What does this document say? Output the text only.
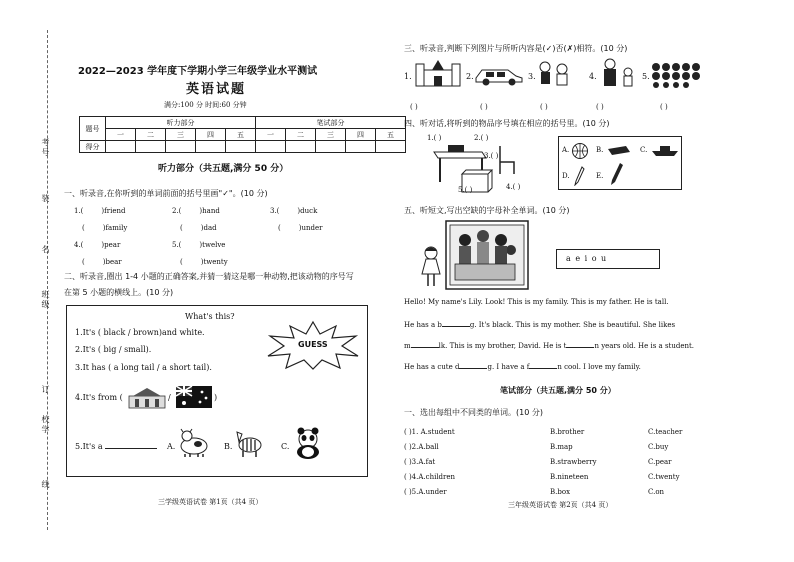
考
号
装
名
班
级
订
校
学
线
2022—2023 学年度下学期小学三年级学业水平测试
英语试题
满分:100 分 时间:60 分钟
题号	听力部分					笔试部分				
	一	二	三	四	五	一	二	三	四	五
得分										
听力部分（共五题,满分 50 分）
一、听录音,在你听到的单词前面的括号里画"✓"。(10 分)
1.(	)friend	2.(	)hand	3.(	)duck
(	)family	(	)dad	(	)under
4.(	)pear	5.(	)twelve
(	)bear	(	)twenty
二、听录音,圈出 1-4 小题的正确答案,并猜一猜这是哪一种动物,把该动物的序号写
在第 5 小题的横线上。(10 分)
What's this?
1.It's ( black / brown)and white.
2.It's ( big / small).
3.It has ( a long tail / a short tail).
GUESS
4.It's from (	/	)
5.It's a	A.	B.	C.
三学级英语试卷 第1页（共4 页）
三、听录音,判断下列图片与所听内容是(✓)否(✗)相符。(10 分)
1.	2.	3.	4.	5.
( )	( )	( )	( )	( )
四、听对话,将听到的物品序号填在相应的括号里。(10 分)
1.( )	2.( )
3.( )
5.( )	4.( )
A.	B.	C.
D.	E.
五、听短文,写出空缺的字母补全单词。(10 分)
a e i o u
Hello! My name's Lily. Look! This is my family. This is my father. He is tall.
He has a b	g. It's black. This is my mother. She is beautiful. She likes
m	lk. This is my brother, David. He is t	n years old. He is a student.
He has a cute d	g. I have a f	n cool. I love my family.
笔试部分（共五题,满分 50 分）
一、选出每组中不同类的单词。(10 分)
( )1. A.student	B.brother	C.teacher
( )2.A.ball	B.map	C.buy
( )3.A.fat	B.strawberry	C.pear
( )4.A.children	B.nineteen	C.twenty
( )5.A.under	B.box	C.on
三年级英语试卷 第2页（共4 页）
